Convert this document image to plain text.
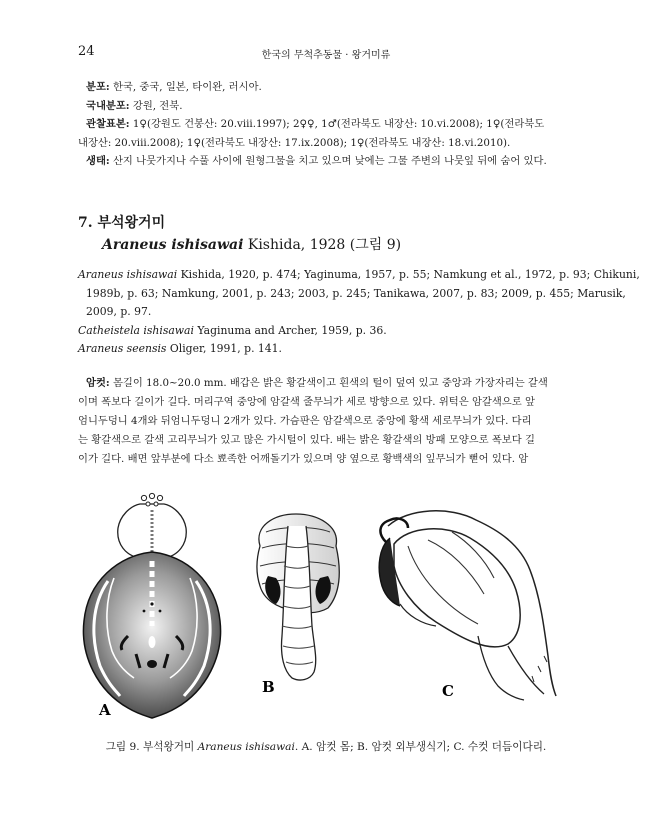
24	한국의 무척추동물 · 왕거미류
분포: 한국, 중국, 일본, 타이완, 러시아.
국내분포: 강원, 전북.
관찰표본: 1♀(강원도 건봉산: 20.viii.1997); 2♀♀, 1♂(전라북도 내장산: 10.vi.2008); 1♀(전라북도
내장산: 20.viii.2008); 1♀(전라북도 내장산: 17.ix.2008); 1♀(전라북도 내장산: 18.vi.2010).
생태: 산지 나뭇가지나 수풀 사이에 원형그물을 치고 있으며 낮에는 그물 주변의 나뭇잎 뒤에 숨어 있다.
7. 부석왕거미
Araneus ishisawai Kishida, 1928 (그림 9)
Araneus ishisawai Kishida, 1920, p. 474; Yaginuma, 1957, p. 55; Namkung et al., 1972, p. 93; Chikuni,
1989b, p. 63; Namkung, 2001, p. 243; 2003, p. 245; Tanikawa, 2007, p. 83; 2009, p. 455; Marusik,
2009, p. 97.
Catheistela ishisawai Yaginuma and Archer, 1959, p. 36.
Araneus seensis Oliger, 1991, p. 141.
암컷: 몸길이 18.0~20.0 mm. 배갑은 밝은 황갈색이고 흰색의 털이 덮여 있고 중앙과 가장자리는 갈색
이며 폭보다 길이가 길다. 머리구역 중앙에 암갈색 줄무늬가 세로 방향으로 있다. 위턱은 암갈색으로 앞
엄니두덩니 4개와 뒤엄니두덩니 2개가 있다. 가슴판은 암갈색으로 중앙에 황색 세로무늬가 있다. 다리
는 황갈색으로 갈색 고리무늬가 있고 많은 가시털이 있다. 배는 밝은 황갈색의 방패 모양으로 폭보다 길
이가 길다. 배면 앞부분에 다소 뾰족한 어깨돌기가 있으며 양 옆으로 황백색의 잎무늬가 뻗어 있다. 암
A
B	C
그림 9. 부석왕거미 Araneus ishisawai. A. 암컷 몸; B. 암컷 외부생식기; C. 수컷 더듬이다리.
